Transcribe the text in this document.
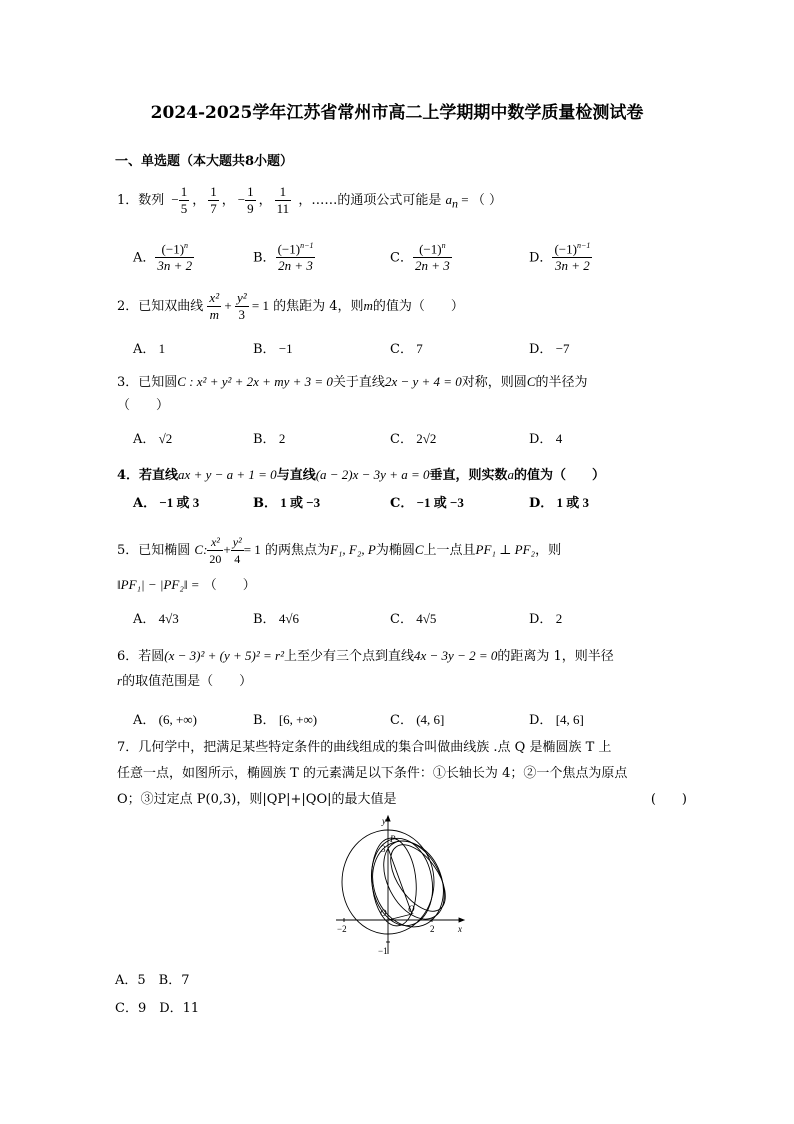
2024-2025学年江苏省常州市高二上学期期中数学质量检测试卷
一、单选题（本大题共8小题）
1．数列 − $\frac{1}{5}$ ， $\frac{1}{7}$ ， − $\frac{1}{9}$ ， $\frac{1}{11}$ ，……的通项公式可能是 $a_n$ = （ ）
A． $\frac{(-1)^n}{3n + 2}$	B． $\frac{(-1)^{n-1}}{2n + 3}$	C． $\frac{(-1)^n}{2n + 3}$	D． $\frac{(-1)^{n-1}}{3n + 2}$
2．已知双曲线 $\frac{\text{x²}}{m} + \frac{\text{y²}}{3} = 1$ 的焦距为 4，则m的值为（　　）
A． 1	B． −1	C． 7	D． −7
3．已知圆C : x² + y² + 2x + my + 3 = 0关于直线2x − y + 4 = 0对称，则圆C的半径为
（　　）
A． √2	B． 2	C． 2√2	D． 4
4．若直线ax + y − a + 1 = 0与直线(a − 2)x − 3y + a = 0垂直，则实数a的值为（　　）
A． −1 或 3	B． 1 或 −3	C． −1 或 −3	D． 1 或 3
5．已知椭圆 C: $\frac{\text{x²}}{20} + \frac{\text{y²}}{4} = 1$ 的两焦点为F₁, F₂, P为椭圆C上一点且PF₁ ⊥ PF₂，则
‖PF₁| − |PF₂‖ = （　　）
A． 4√3	B． 4√6	C． 4√5	D． 2
6．若圆(x − 3)² + (y + 5)² = r²上至少有三个点到直线4x − 3y − 2 = 0的距离为 1，则半径
r的取值范围是（　　）
A． (6, +∞)	B． [6, +∞)	C． (4, 6]	D． [4, 6]
7．几何学中，把满足某些特定条件的曲线组成的集合叫做曲线族 .点 Q 是椭圆族 T 上
任意一点，如图所示，椭圆族 T 的元素满足以下条件：①长轴长为 4；②一个焦点为原点
O；③过定点 P(0,3)，则|QP|+|QO|的最大值是	(　　)
y
x
P
3
O Q
−2	2
−1
A．5　B．7
C．9　D．11
